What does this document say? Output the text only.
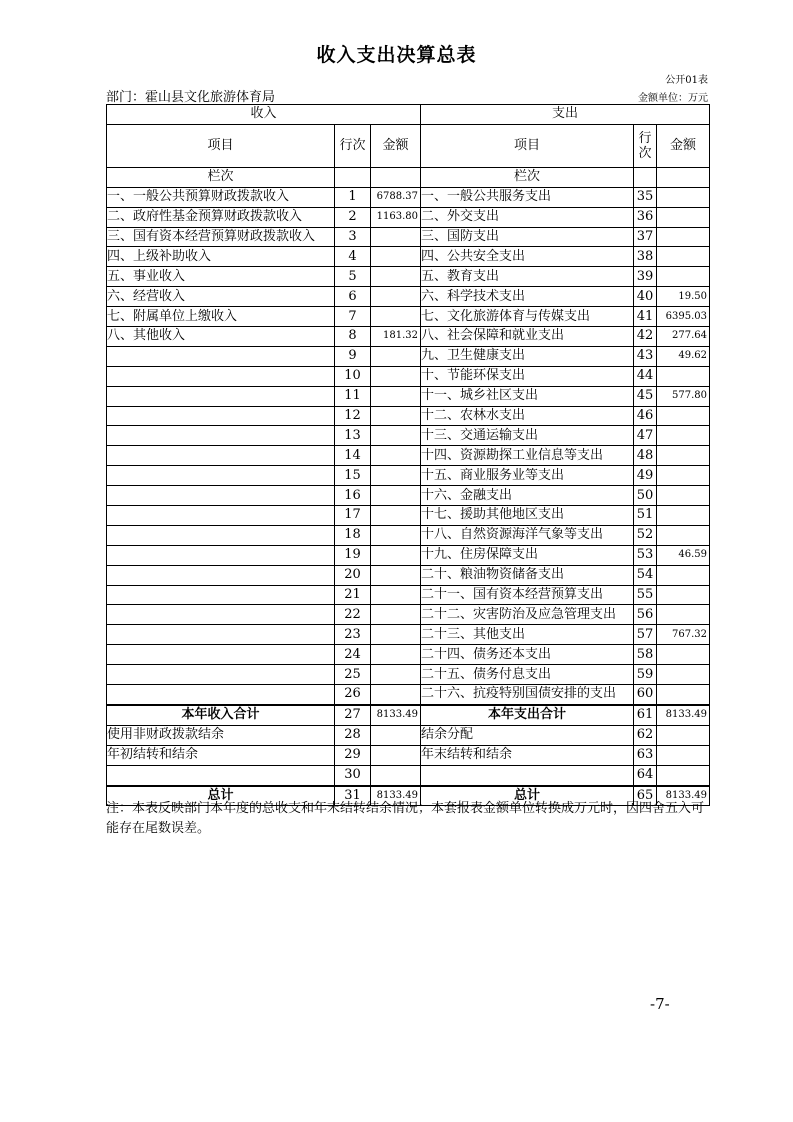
收入支出决算总表
公开01表
部门：霍山县文化旅游体育局	金额单位：万元
收入			支出		
项目	行次	金额	项目	行
次	金额
栏次			栏次		
一、一般公共预算财政拨款收入	1	6788.37	一、一般公共服务支出	35	
二、政府性基金预算财政拨款收入	2	1163.80	二、外交支出	36	
三、国有资本经营预算财政拨款收入	3		三、国防支出	37	
四、上级补助收入	4		四、公共安全支出	38	
五、事业收入	5		五、教育支出	39	
六、经营收入	6		六、科学技术支出	40	19.50
七、附属单位上缴收入	7		七、文化旅游体育与传媒支出	41	6395.03
八、其他收入	8	181.32	八、社会保障和就业支出	42	277.64
	9		九、卫生健康支出	43	49.62
	10		十、节能环保支出	44	
	11		十一、城乡社区支出	45	577.80
	12		十二、农林水支出	46	
	13		十三、交通运输支出	47	
	14		十四、资源勘探工业信息等支出	48	
	15		十五、商业服务业等支出	49	
	16		十六、金融支出	50	
	17		十七、援助其他地区支出	51	
	18		十八、自然资源海洋气象等支出	52	
	19		十九、住房保障支出	53	46.59
	20		二十、粮油物资储备支出	54	
	21		二十一、国有资本经营预算支出	55	
	22		二十二、灾害防治及应急管理支出	56	
	23		二十三、其他支出	57	767.32
	24		二十四、债务还本支出	58	
	25		二十五、债务付息支出	59	
	26		二十六、抗疫特别国债安排的支出	60	
本年收入合计	27	8133.49	本年支出合计	61	8133.49
使用非财政拨款结余	28		结余分配	62	
年初结转和结余	29		年末结转和结余	63	
	30			64	
总计	31	8133.49	总计	65	8133.49
注：本表反映部门本年度的总收支和年末结转结余情况；本套报表金额单位转换成万元时，因四舍五入可能存在尾数误差。
-7-
